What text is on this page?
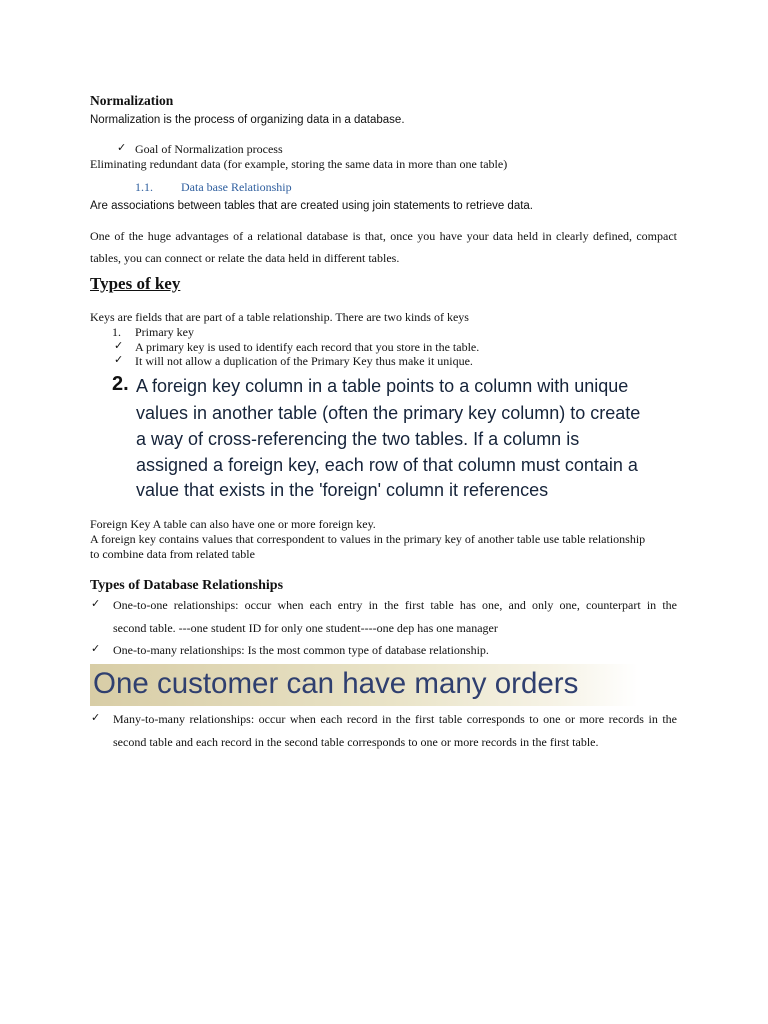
Normalization
Normalization is the process of organizing data in a database.
✓ Goal of Normalization process
Eliminating redundant data (for example, storing the same data in more than one table)
1.1. Data base Relationship
Are associations between tables that are created using join statements to retrieve data.
One of the huge advantages of a relational database is that, once you have your data held in clearly defined, compact
tables, you can connect or relate the data held in different tables.
Types of key
Keys are fields that are part of a table relationship. There are two kinds of keys
1. Primary key
✓ A primary key is used to identify each record that you store in the table.
✓ It will not allow a duplication of the Primary Key thus make it unique.
2. A foreign key column in a table points to a column with unique
values in another table (often the primary key column) to create
a way of cross-referencing the two tables. If a column is
assigned a foreign key, each row of that column must contain a
value that exists in the 'foreign' column it references
Foreign Key A table can also have one or more foreign key.
A foreign key contains values that correspondent to values in the primary key of another table use table relationship
to combine data from related table
Types of Database Relationships
✓ One-to-one relationships: occur when each entry in the first table has one, and only one, counterpart in the
second table. ---one student ID for only one student----one dep has one manager
✓ One-to-many relationships: Is the most common type of database relationship.
One customer can have many orders
✓ Many-to-many relationships: occur when each record in the first table corresponds to one or more records in the
second table and each record in the second table corresponds to one or more records in the first table.
